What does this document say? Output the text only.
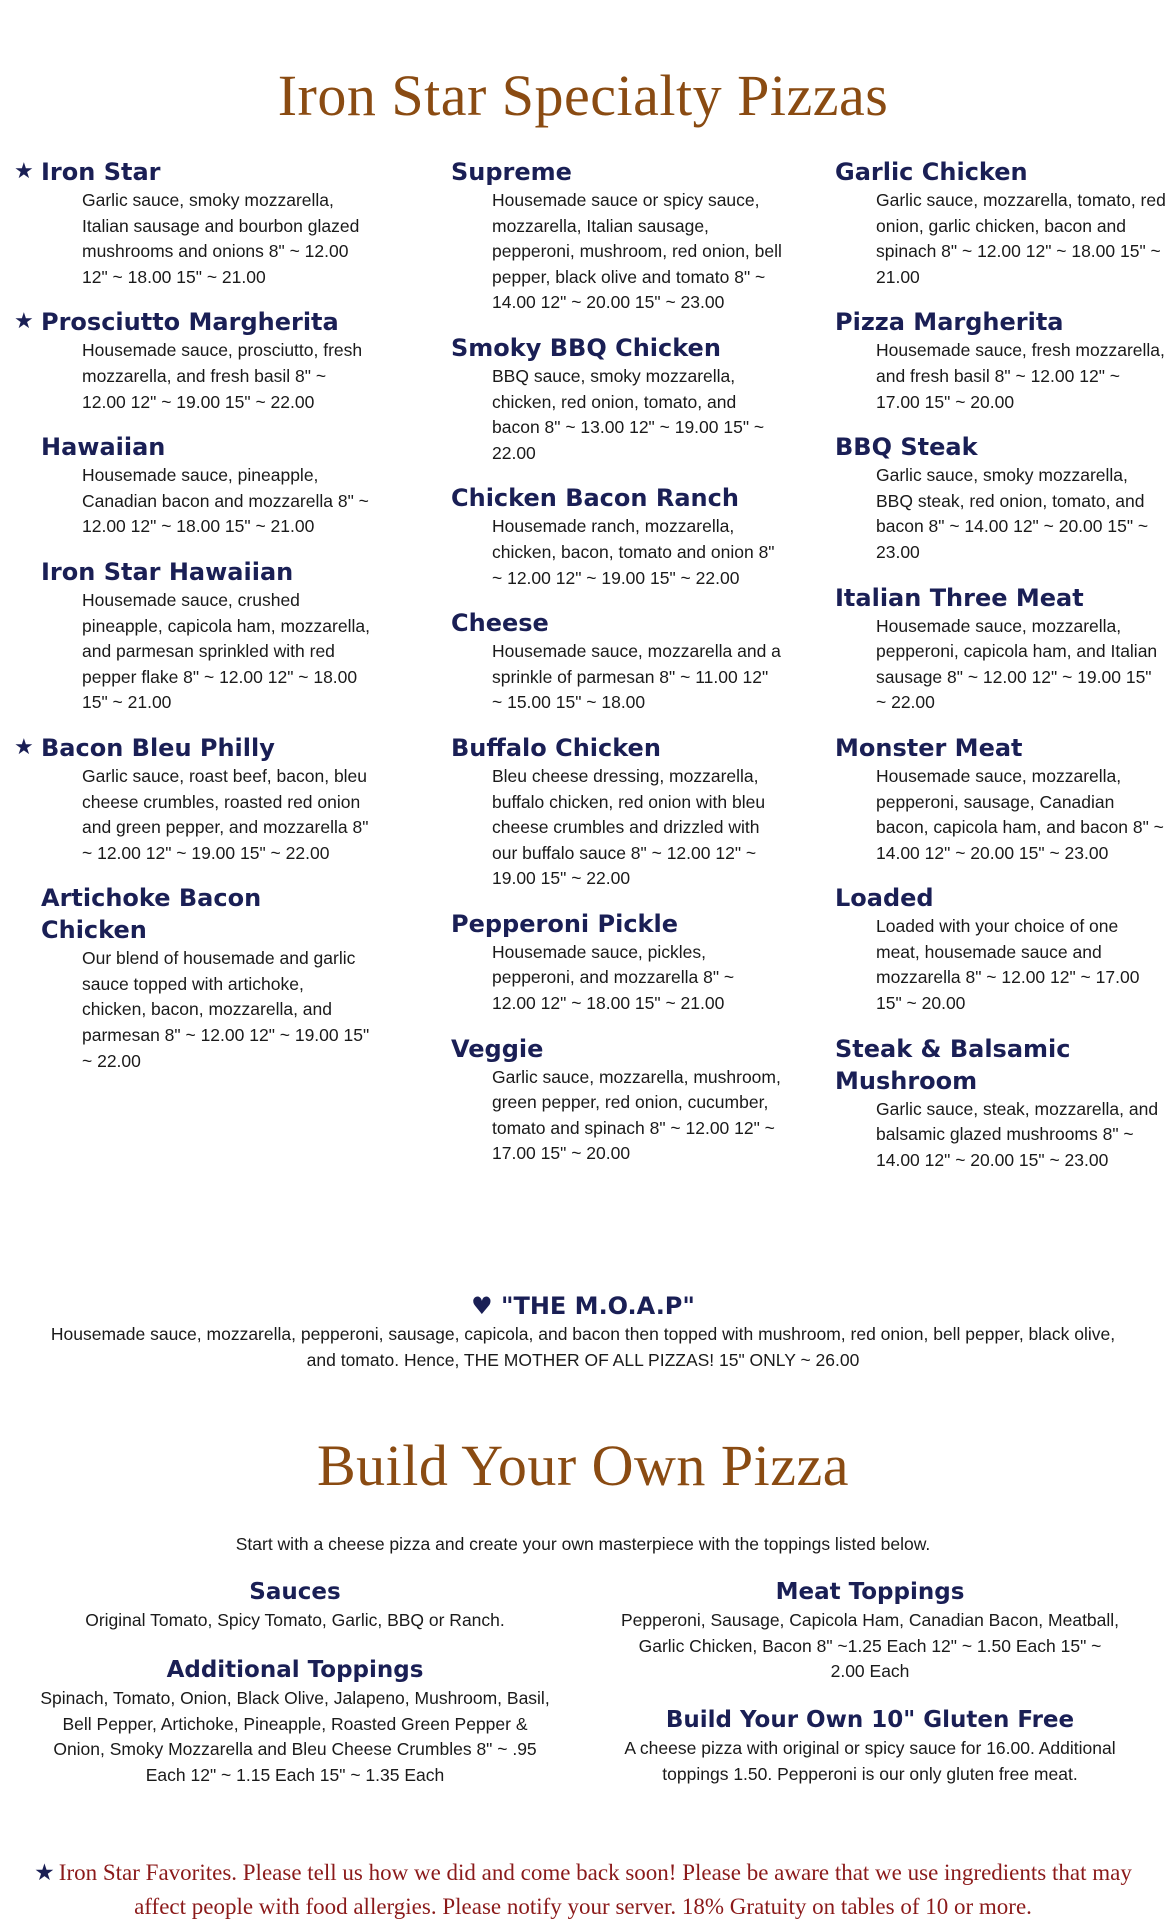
Iron Star Specialty Pizzas

★ Iron Star

Garlic sauce, smoky mozzarella, Italian sausage and bourbon glazed mushrooms and onions 8" ~ 12.00 12" ~ 18.00 15" ~ 21.00

★ Prosciutto Margherita

Housemade sauce, prosciutto, fresh mozzarella, and fresh basil 8" ~ 12.00 12" ~ 19.00 15" ~ 22.00

Hawaiian

Housemade sauce, pineapple, Canadian bacon and mozzarella 8" ~ 12.00 12" ~ 18.00 15" ~ 21.00

Iron Star Hawaiian

Housemade sauce, crushed pineapple, capicola ham, mozzarella, and parmesan sprinkled with red pepper flake 8" ~ 12.00 12" ~ 18.00 15" ~ 21.00

★ Bacon Bleu Philly

Garlic sauce, roast beef, bacon, bleu cheese crumbles, roasted red onion and green pepper, and mozzarella 8" ~ 12.00 12" ~ 19.00 15" ~ 22.00

Artichoke Bacon Chicken

Our blend of housemade and garlic sauce topped with artichoke, chicken, bacon, mozzarella, and parmesan 8" ~ 12.00 12" ~ 19.00 15" ~ 22.00

Supreme

Housemade sauce or spicy sauce, mozzarella, Italian sausage, pepperoni, mushroom, red onion, bell pepper, black olive and tomato 8" ~ 14.00 12" ~ 20.00 15" ~ 23.00

Smoky BBQ Chicken

BBQ sauce, smoky mozzarella, chicken, red onion, tomato, and bacon 8" ~ 13.00 12" ~ 19.00 15" ~ 22.00

Chicken Bacon Ranch

Housemade ranch, mozzarella, chicken, bacon, tomato and onion 8" ~ 12.00 12" ~ 19.00 15" ~ 22.00

Cheese

Housemade sauce, mozzarella and a sprinkle of parmesan 8" ~ 11.00 12" ~ 15.00 15" ~ 18.00

Buffalo Chicken

Bleu cheese dressing, mozzarella, buffalo chicken, red onion with bleu cheese crumbles and drizzled with our buffalo sauce 8" ~ 12.00 12" ~ 19.00 15" ~ 22.00

Pepperoni Pickle

Housemade sauce, pickles, pepperoni, and mozzarella 8" ~ 12.00 12" ~ 18.00 15" ~ 21.00

Veggie

Garlic sauce, mozzarella, mushroom, green pepper, red onion, cucumber, tomato and spinach 8" ~ 12.00 12" ~ 17.00 15" ~ 20.00

Garlic Chicken

Garlic sauce, mozzarella, tomato, red onion, garlic chicken, bacon and spinach 8" ~ 12.00 12" ~ 18.00 15" ~ 21.00

Pizza Margherita

Housemade sauce, fresh mozzarella, and fresh basil 8" ~ 12.00 12" ~ 17.00 15" ~ 20.00

BBQ Steak

Garlic sauce, smoky mozzarella, BBQ steak, red onion, tomato, and bacon 8" ~ 14.00 12" ~ 20.00 15" ~ 23.00

Italian Three Meat

Housemade sauce, mozzarella, pepperoni, capicola ham, and Italian sausage 8" ~ 12.00 12" ~ 19.00 15" ~ 22.00

Monster Meat

Housemade sauce, mozzarella, pepperoni, sausage, Canadian bacon, capicola ham, and bacon 8" ~ 14.00 12" ~ 20.00 15" ~ 23.00

Loaded

Loaded with your choice of one meat, housemade sauce and mozzarella 8" ~ 12.00 12" ~ 17.00 15" ~ 20.00

Steak & Balsamic Mushroom

Garlic sauce, steak, mozzarella, and balsamic glazed mushrooms 8" ~ 14.00 12" ~ 20.00 15" ~ 23.00

♥ "THE M.O.A.P"

Housemade sauce, mozzarella, pepperoni, sausage, capicola, and bacon then topped with mushroom, red onion, bell pepper, black olive, and tomato. Hence, THE MOTHER OF ALL PIZZAS! 15" ONLY ~ 26.00

Build Your Own Pizza

Start with a cheese pizza and create your own masterpiece with the toppings listed below.

Sauces

Original Tomato, Spicy Tomato, Garlic, BBQ or Ranch.

Additional Toppings

Spinach, Tomato, Onion, Black Olive, Jalapeno, Mushroom, Basil, Bell Pepper, Artichoke, Pineapple, Roasted Green Pepper & Onion, Smoky Mozzarella and Bleu Cheese Crumbles 8" ~ .95 Each 12" ~ 1.15 Each 15" ~ 1.35 Each

Meat Toppings

Pepperoni, Sausage, Capicola Ham, Canadian Bacon, Meatball, Garlic Chicken, Bacon 8" ~1.25 Each 12" ~ 1.50 Each 15" ~ 2.00 Each

Build Your Own 10" Gluten Free

A cheese pizza with original or spicy sauce for 16.00. Additional toppings 1.50. Pepperoni is our only gluten free meat.

★ Iron Star Favorites. Please tell us how we did and come back soon! Please be aware that we use ingredients that may affect people with food allergies. Please notify your server. 18% Gratuity on tables of 10 or more.
